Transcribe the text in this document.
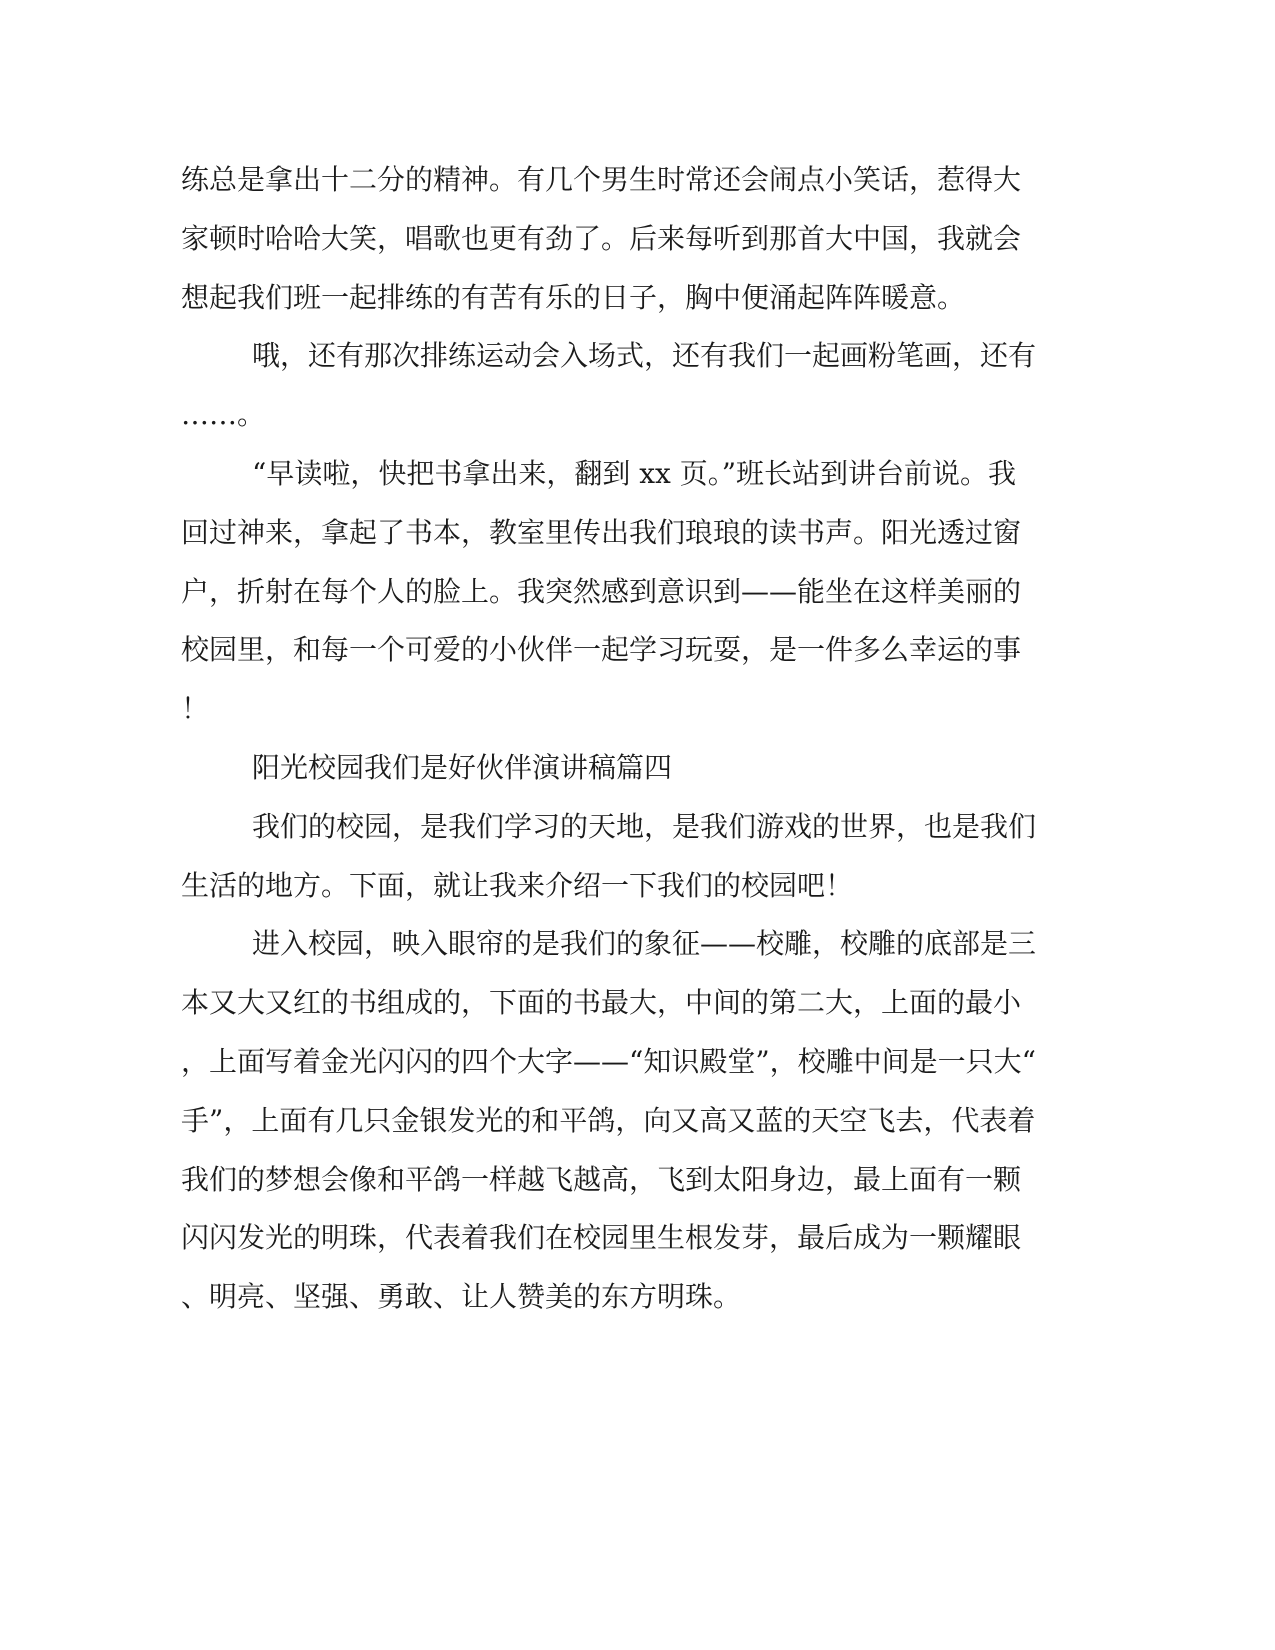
练总是拿出十二分的精神。有几个男生时常还会闹点小笑话，惹得大
家顿时哈哈大笑，唱歌也更有劲了。后来每听到那首大中国，我就会
想起我们班一起排练的有苦有乐的日子，胸中便涌起阵阵暖意。
哦，还有那次排练运动会入场式，还有我们一起画粉笔画，还有
……。
“早读啦，快把书拿出来，翻到 xx 页。”班长站到讲台前说。我
回过神来，拿起了书本，教室里传出我们琅琅的读书声。阳光透过窗
户，折射在每个人的脸上。我突然感到意识到——能坐在这样美丽的
校园里，和每一个可爱的小伙伴一起学习玩耍，是一件多么幸运的事
！
阳光校园我们是好伙伴演讲稿篇四
我们的校园，是我们学习的天地，是我们游戏的世界，也是我们
生活的地方。下面，就让我来介绍一下我们的校园吧！
进入校园，映入眼帘的是我们的象征——校雕，校雕的底部是三
本又大又红的书组成的，下面的书最大，中间的第二大，上面的最小
，上面写着金光闪闪的四个大字——“知识殿堂”，校雕中间是一只大“
手”，上面有几只金银发光的和平鸽，向又高又蓝的天空飞去，代表着
我们的梦想会像和平鸽一样越飞越高，飞到太阳身边，最上面有一颗
闪闪发光的明珠，代表着我们在校园里生根发芽，最后成为一颗耀眼
、明亮、坚强、勇敢、让人赞美的东方明珠。
